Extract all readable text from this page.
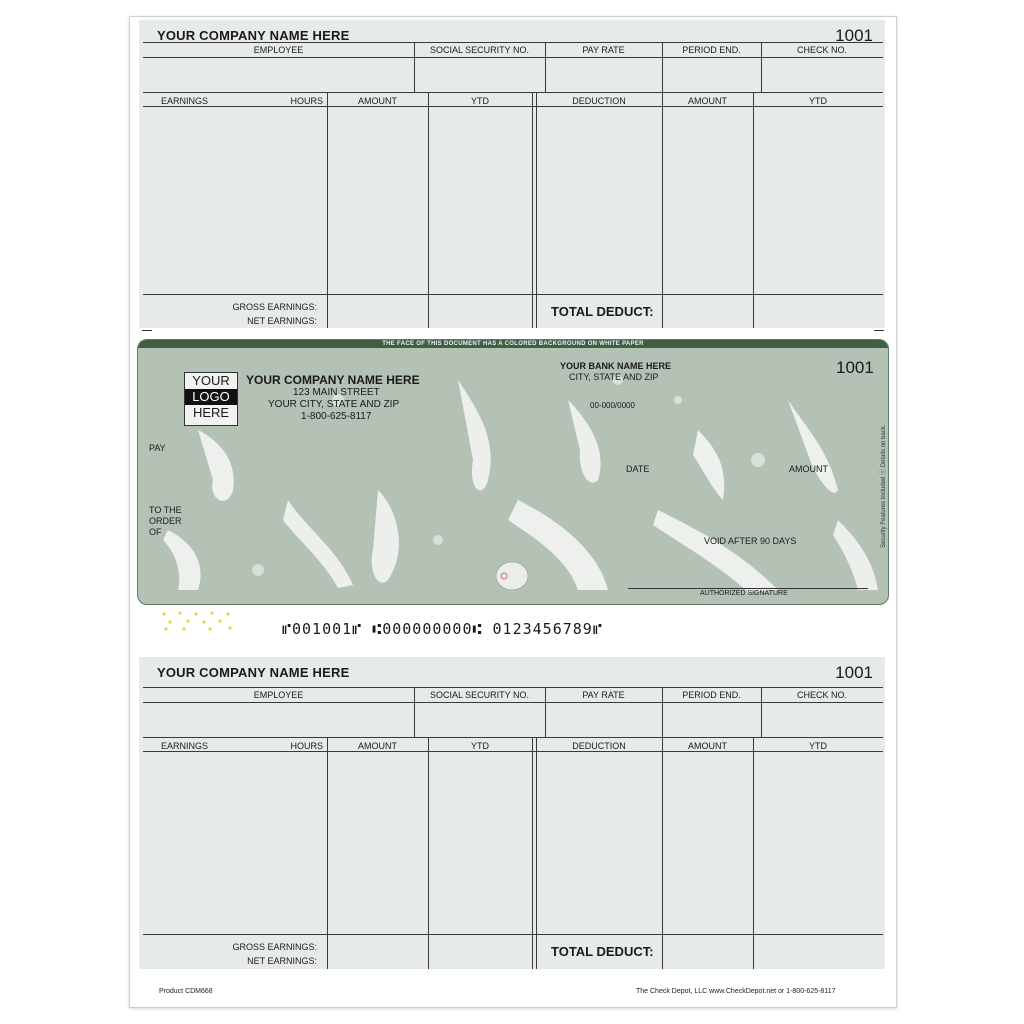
YOUR COMPANY NAME HERE	1001
EMPLOYEE	SOCIAL SECURITY NO.	PAY RATE	PERIOD END.	CHECK NO.
EARNINGS	HOURS	AMOUNT	YTD	DEDUCTION	AMOUNT	YTD
GROSS EARNINGS:
NET EARNINGS:
TOTAL DEDUCT:
THE FACE OF THIS DOCUMENT HAS A COLORED BACKGROUND ON WHITE PAPER
YOUR
LOGO
HERE
YOUR COMPANY NAME HERE
123 MAIN STREET
YOUR CITY, STATE AND ZIP
1-800-625-8117
YOUR BANK NAME HERE
CITY, STATE AND ZIP
00-000/0000
1001
PAY
TO THE
ORDER
OF
DATE	AMOUNT
VOID AFTER 90 DAYS
AUTHORIZED SIGNATURE
Security Features Included ⓢ Details on back.
⑈001001⑈ ⑆000000000⑆ 0123456789⑈
YOUR COMPANY NAME HERE	1001
EMPLOYEE	SOCIAL SECURITY NO.	PAY RATE	PERIOD END.	CHECK NO.
EARNINGS	HOURS	AMOUNT	YTD	DEDUCTION	AMOUNT	YTD
GROSS EARNINGS:
NET EARNINGS:
TOTAL DEDUCT:
Product CDM668	The Check Depot, LLC www.CheckDepot.net or 1-800-625-8117
